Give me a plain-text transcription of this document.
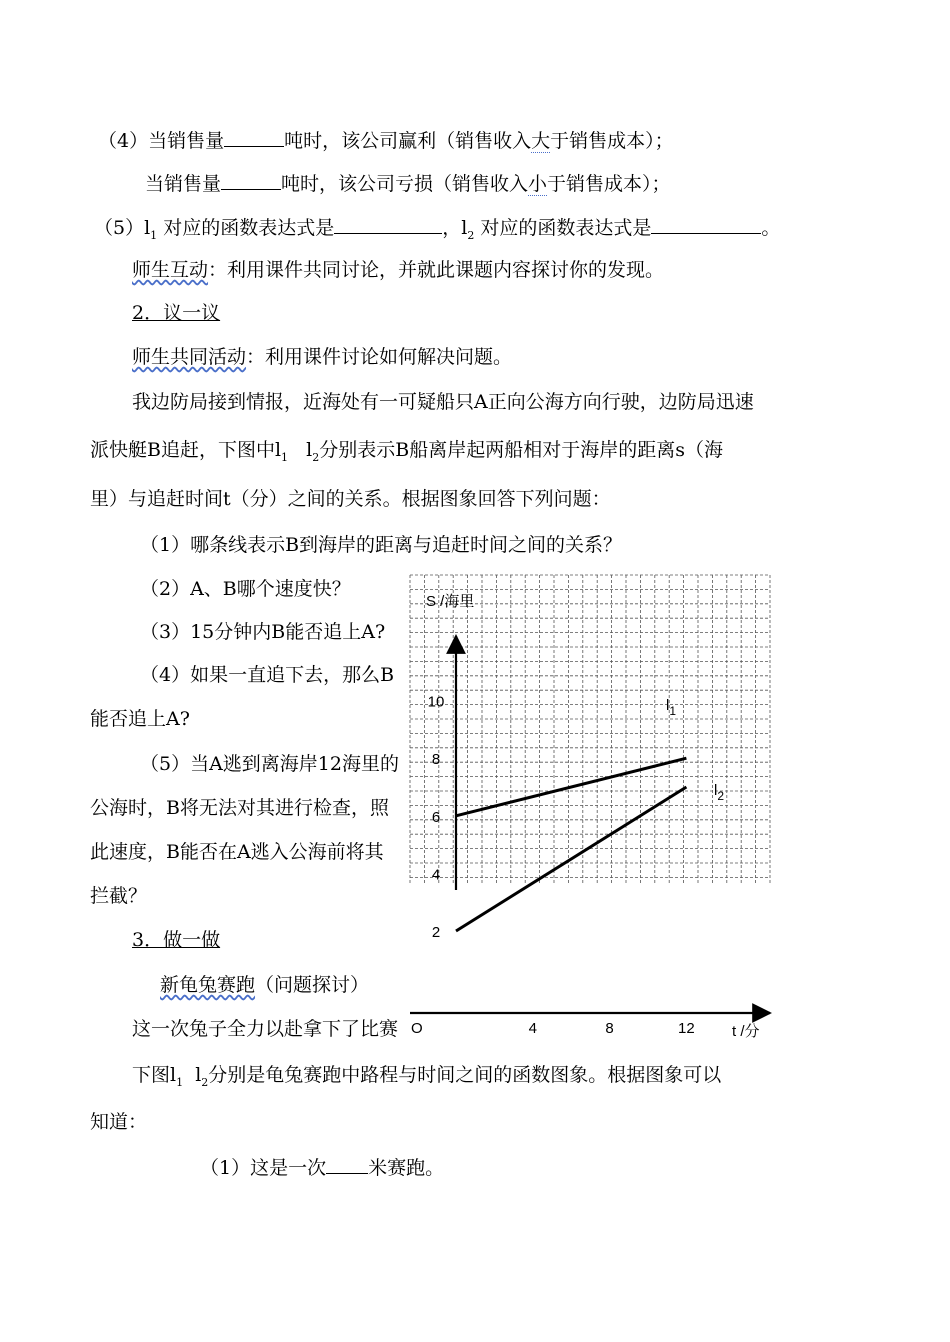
（4）当销售量	吨时，该公司赢利（销售收入大于销售成本）；
当销售量	吨时，该公司亏损（销售收入小于销售成本）；
$(5)l_1$ 对应的函数表达式是	，$l_2$ 对应的函数表达式是	。
师生互动：利用课件共同讨论，并就此课题内容探讨你的发现。
2．议一议
师生共同活动：利用课件讨论如何解决问题。
我边防局接到情报，近海处有一可疑船只A正向公海方向行驶，边防局迅速
派快艇B追赶，下图中$l_1$ $l_2$分别表示B船离岸起两船相对于海岸的距离s（海
里）与追赶时间t（分）之间的关系。根据图象回答下列问题：
（1）哪条线表示B到海岸的距离与追赶时间之间的关系？
（2）A、B哪个速度快？
（3）15分钟内B能否追上A?
（4）如果一直追下去，那么B
能否追上A?
（5）当A逃到离海岸12海里的
公海时，B将无法对其进行检查，照
此速度，B能否在A逃入公海前将其
拦截？
3．做一做
新龟兔赛跑（问题探讨）
这一次兔子全力以赴拿下了比赛
下图$l_1$ $l_2$分别是龟兔赛跑中路程与时间之间的函数图象。根据图象可以
知道：
（1）这是一次 米赛跑。
S /海里
t /分
O	4	8	12
2
4
6
8
10	$l_1$
$l_2$
